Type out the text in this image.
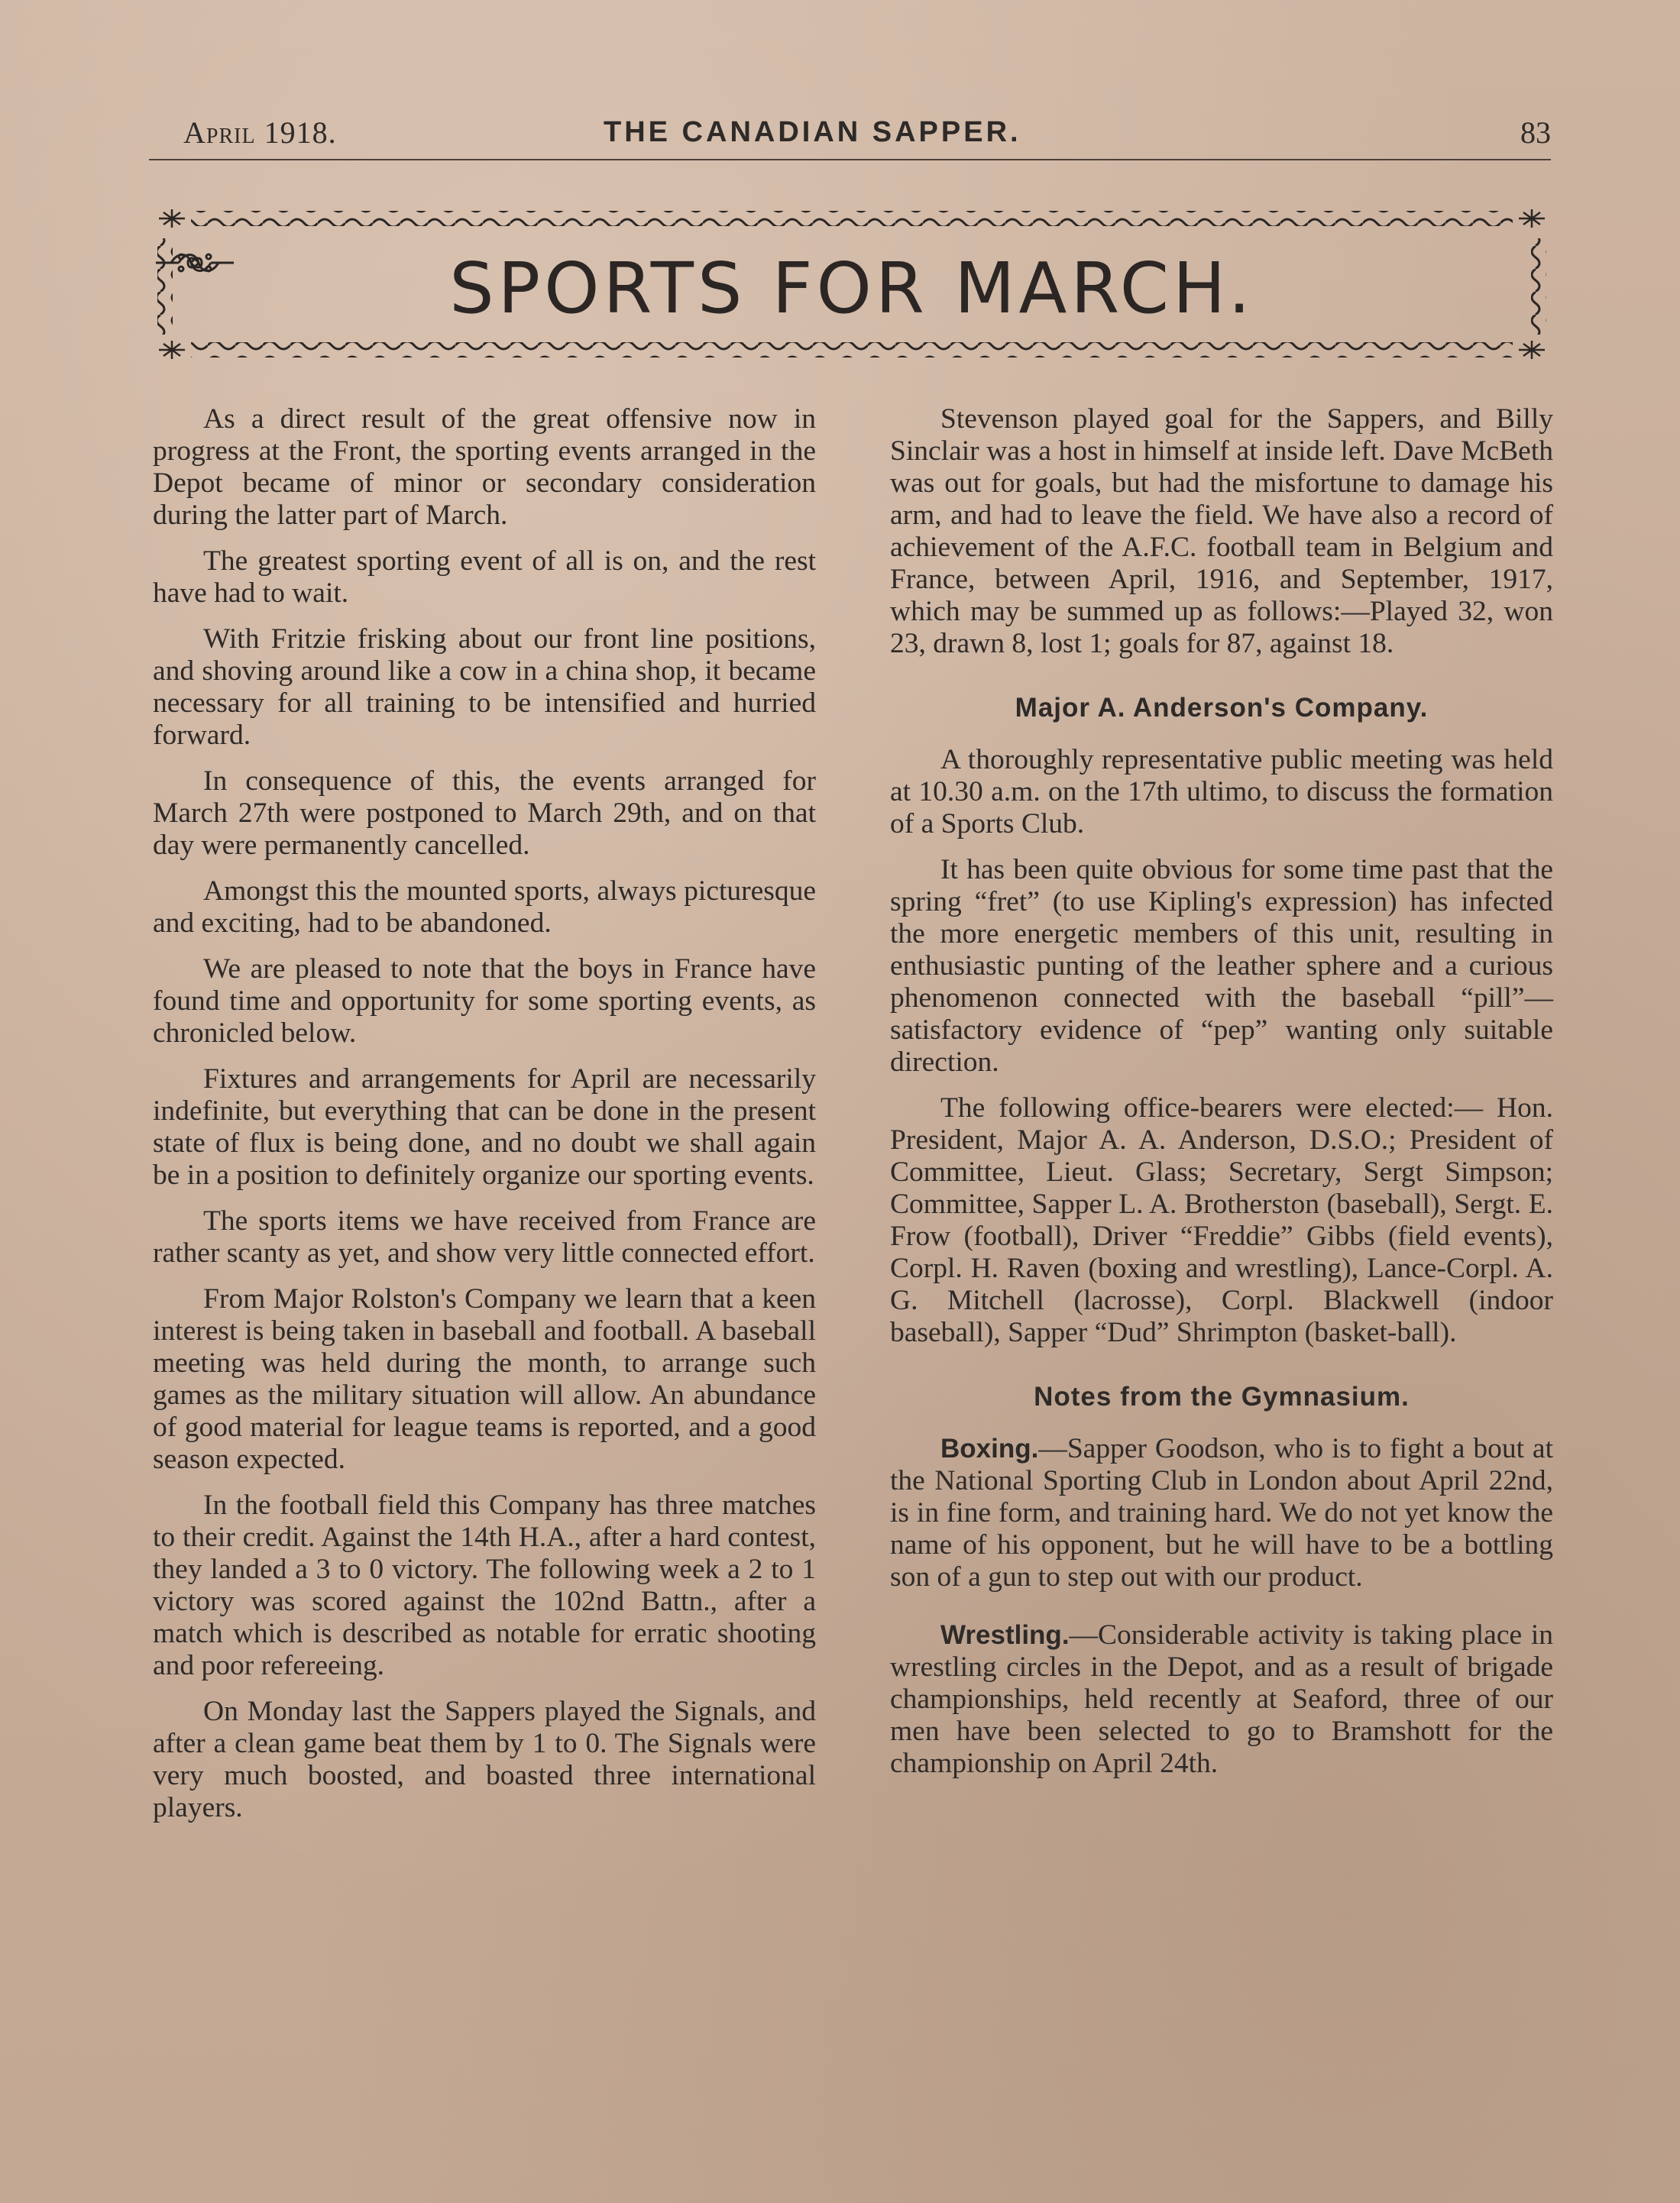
April 1918.	THE CANADIAN SAPPER.	83
SPORTS FOR MARCH.

As a direct result of the great offensive now in progress at the Front, the sporting events arranged in the Depot became of minor or secondary consideration during the latter part of March.

The greatest sporting event of all is on, and the rest have had to wait.

With Fritzie frisking about our front line positions, and shoving around like a cow in a china shop, it became necessary for all training to be intensified and hurried forward.

In consequence of this, the events arranged for March 27th were postponed to March 29th, and on that day were permanently cancelled.

Amongst this the mounted sports, always picturesque and exciting, had to be abandoned.

We are pleased to note that the boys in France have found time and opportunity for some sporting events, as chronicled below.

Fixtures and arrangements for April are necessarily indefinite, but everything that can be done in the present state of flux is being done, and no doubt we shall again be in a position to definitely organize our sporting events.

The sports items we have received from France are rather scanty as yet, and show very little connected effort.

From Major Rolston's Company we learn that a keen interest is being taken in baseball and football. A baseball meeting was held during the month, to arrange such games as the military situation will allow. An abundance of good material for league teams is reported, and a good season expected.

In the football field this Company has three matches to their credit. Against the 14th H.A., after a hard contest, they landed a 3 to 0 victory. The following week a 2 to 1 victory was scored against the 102nd Battn., after a match which is described as notable for erratic shooting and poor refereeing.

On Monday last the Sappers played the Signals, and after a clean game beat them by 1 to 0. The Signals were very much boosted, and boasted three international players.

Stevenson played goal for the Sappers, and Billy Sinclair was a host in himself at inside left. Dave McBeth was out for goals, but had the misfortune to damage his arm, and had to leave the field. We have also a record of achievement of the A.F.C. football team in Belgium and France, between April, 1916, and September, 1917, which may be summed up as follows:—Played 32, won 23, drawn 8, lost 1; goals for 87, against 18.

Major A. Anderson's Company.

A thoroughly representative public meeting was held at 10.30 a.m. on the 17th ultimo, to discuss the formation of a Sports Club.

It has been quite obvious for some time past that the spring “fret” (to use Kipling's expression) has infected the more energetic members of this unit, resulting in enthusiastic punting of the leather sphere and a curious phenomenon connected with the baseball “pill”—satisfactory evidence of “pep” wanting only suitable direction.

The following office-bearers were elected:— Hon. President, Major A. A. Anderson, D.S.O.; President of Committee, Lieut. Glass; Secretary, Sergt Simpson; Committee, Sapper L. A. Brotherston (baseball), Sergt. E. Frow (football), Driver “Freddie” Gibbs (field events), Corpl. H. Raven (boxing and wrestling), Lance-Corpl. A. G. Mitchell (lacrosse), Corpl. Blackwell (indoor baseball), Sapper “Dud” Shrimpton (basket-ball).

Notes from the Gymnasium.

Boxing.—Sapper Goodson, who is to fight a bout at the National Sporting Club in London about April 22nd, is in fine form, and training hard. We do not yet know the name of his opponent, but he will have to be a bottling son of a gun to step out with our product.

Wrestling.—Considerable activity is taking place in wrestling circles in the Depot, and as a result of brigade championships, held recently at Seaford, three of our men have been selected to go to Bramshott for the championship on April 24th.
